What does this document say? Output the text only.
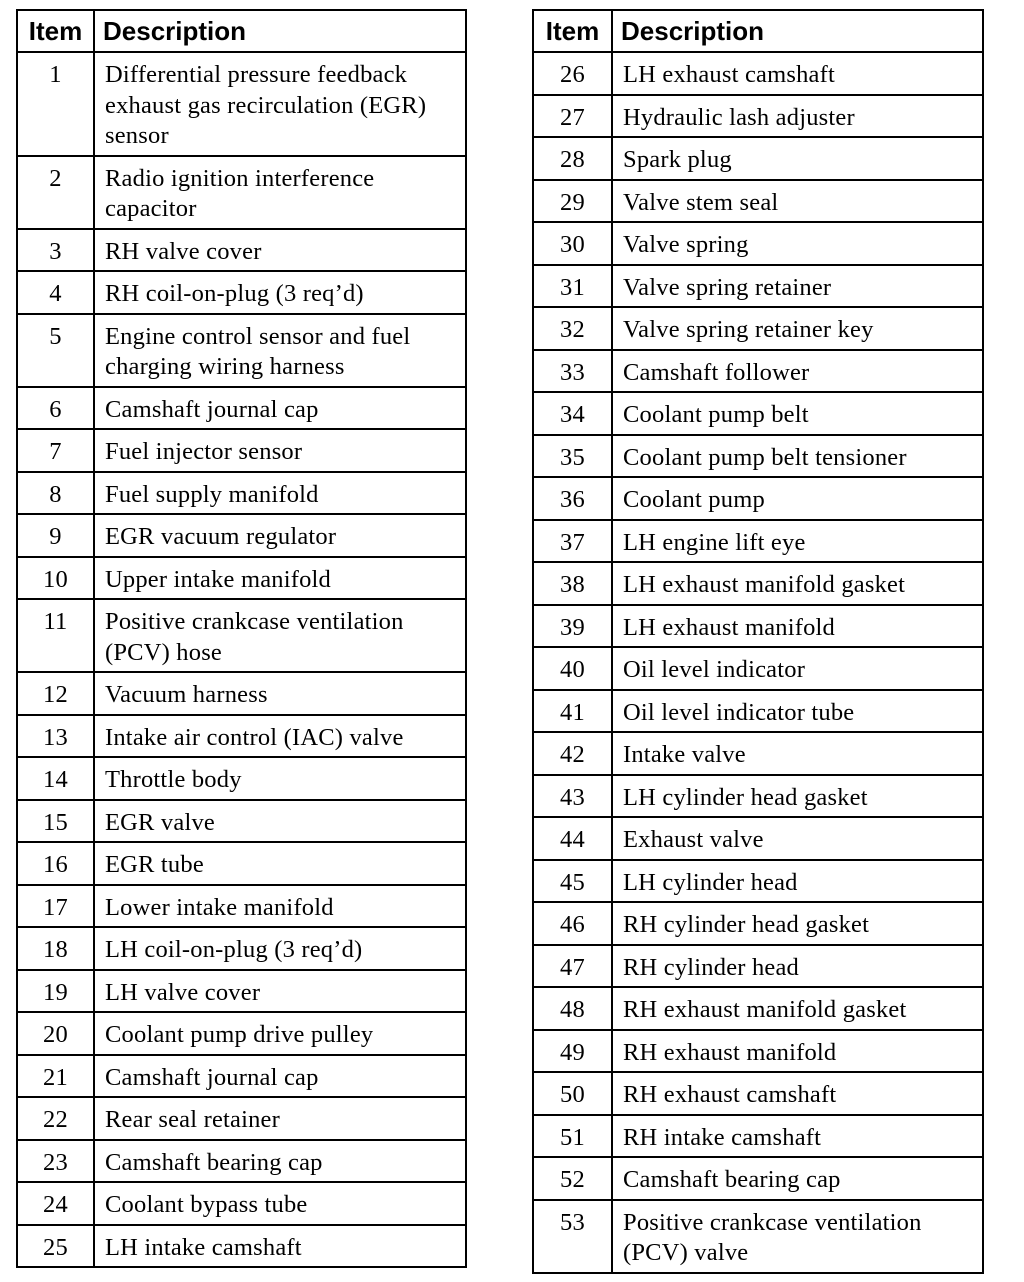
Item	Description
1	Differential pressure feedback exhaust gas recirculation (EGR) sensor
2	Radio ignition interference capacitor
3	RH valve cover
4	RH coil-on-plug (3 req’d)
5	Engine control sensor and fuel charging wiring harness
6	Camshaft journal cap
7	Fuel injector sensor
8	Fuel supply manifold
9	EGR vacuum regulator
10	Upper intake manifold
11	Positive crankcase ventilation (PCV) hose
12	Vacuum harness
13	Intake air control (IAC) valve
14	Throttle body
15	EGR valve
16	EGR tube
17	Lower intake manifold
18	LH coil-on-plug (3 req’d)
19	LH valve cover
20	Coolant pump drive pulley
21	Camshaft journal cap
22	Rear seal retainer
23	Camshaft bearing cap
24	Coolant bypass tube
25	LH intake camshaft
Item	Description
26	LH exhaust camshaft
27	Hydraulic lash adjuster
28	Spark plug
29	Valve stem seal
30	Valve spring
31	Valve spring retainer
32	Valve spring retainer key
33	Camshaft follower
34	Coolant pump belt
35	Coolant pump belt tensioner
36	Coolant pump
37	LH engine lift eye
38	LH exhaust manifold gasket
39	LH exhaust manifold
40	Oil level indicator
41	Oil level indicator tube
42	Intake valve
43	LH cylinder head gasket
44	Exhaust valve
45	LH cylinder head
46	RH cylinder head gasket
47	RH cylinder head
48	RH exhaust manifold gasket
49	RH exhaust manifold
50	RH exhaust camshaft
51	RH intake camshaft
52	Camshaft bearing cap
53	Positive crankcase ventilation (PCV) valve
